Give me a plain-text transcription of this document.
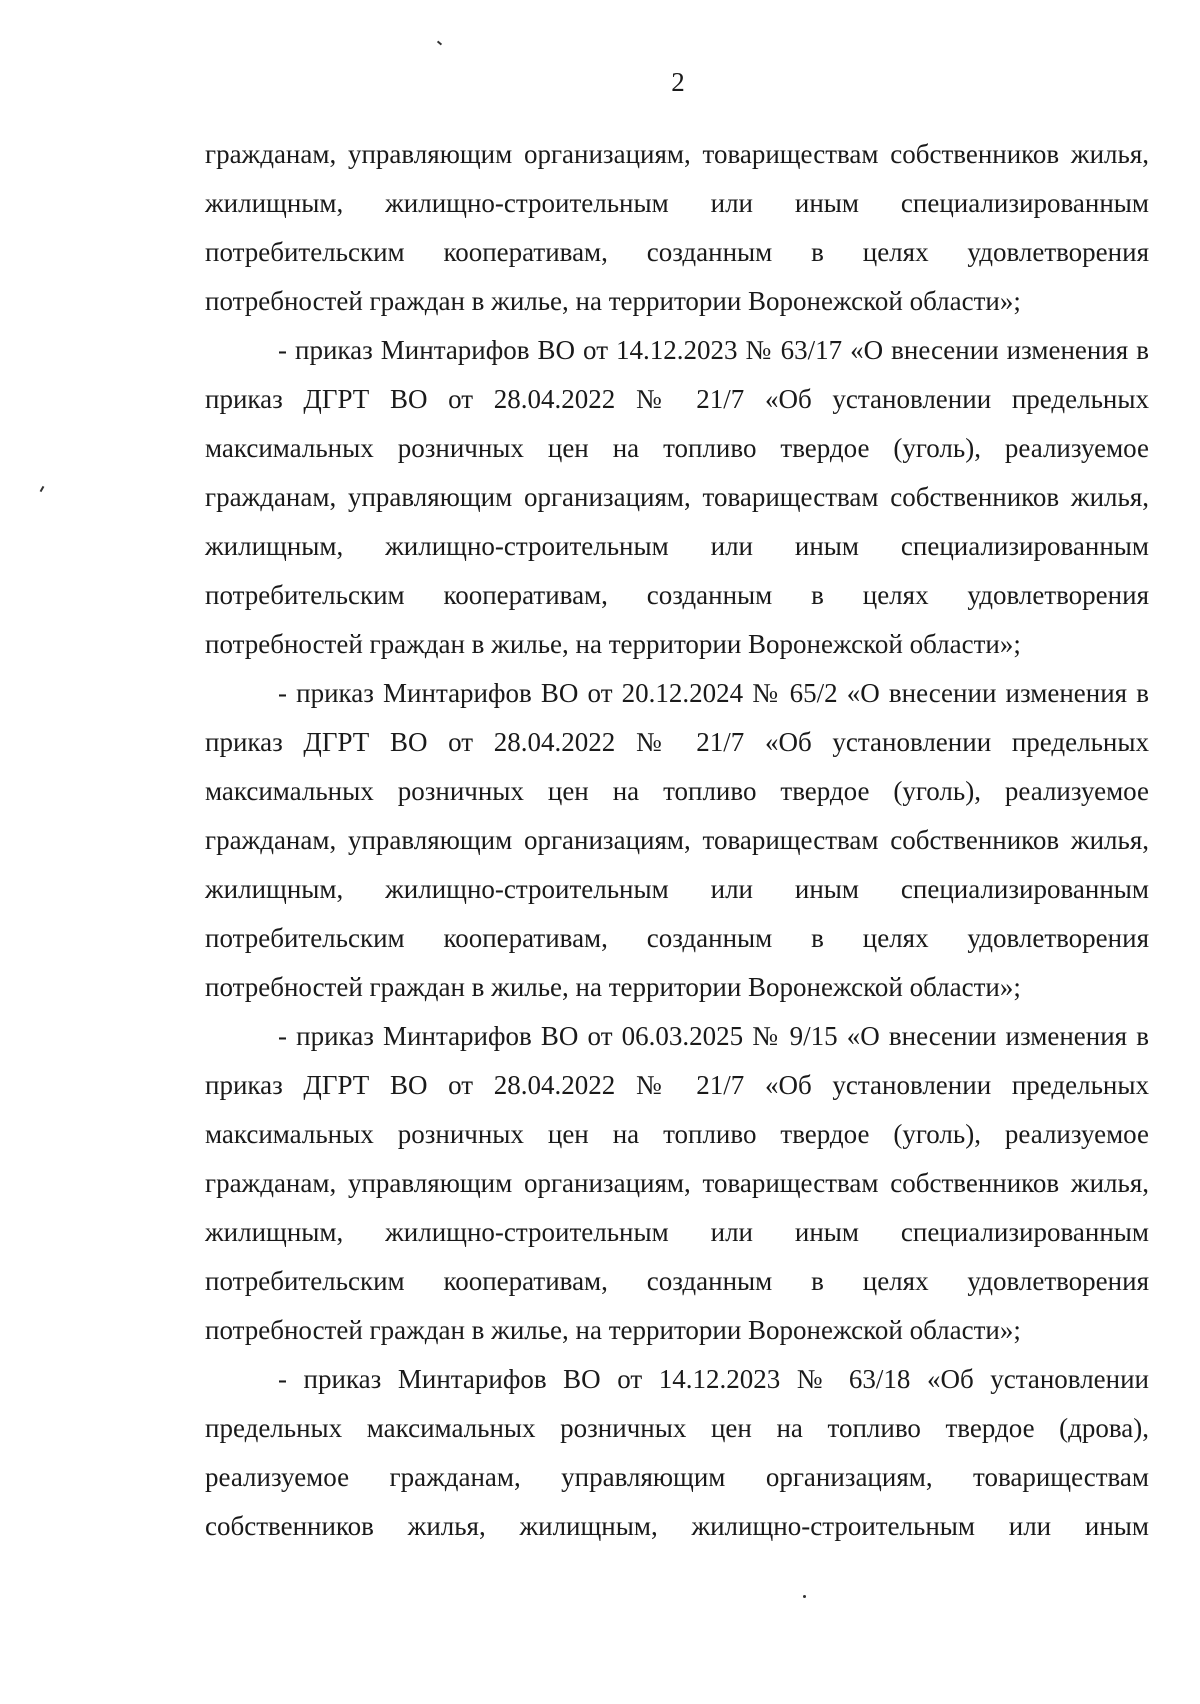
2

гражданам, управляющим организациям, товариществам собственников жилья, жилищным, жилищно-строительным или иным специализированным потребительским кооперативам, созданным в целях удовлетворения потребностей граждан в жилье, на территории Воронежской области»;

- приказ Минтарифов ВО от 14.12.2023 № 63/17 «О внесении изменения в приказ ДГРТ ВО от 28.04.2022 № 21/7 «Об установлении предельных максимальных розничных цен на топливо твердое (уголь), реализуемое гражданам, управляющим организациям, товариществам собственников жилья, жилищным, жилищно-строительным или иным специализированным потребительским кооперативам, созданным в целях удовлетворения потребностей граждан в жилье, на территории Воронежской области»;

- приказ Минтарифов ВО от 20.12.2024 № 65/2 «О внесении изменения в приказ ДГРТ ВО от 28.04.2022 № 21/7 «Об установлении предельных максимальных розничных цен на топливо твердое (уголь), реализуемое гражданам, управляющим организациям, товариществам собственников жилья, жилищным, жилищно-строительным или иным специализированным потребительским кооперативам, созданным в целях удовлетворения потребностей граждан в жилье, на территории Воронежской области»;

- приказ Минтарифов ВО от 06.03.2025 № 9/15 «О внесении изменения в приказ ДГРТ ВО от 28.04.2022 № 21/7 «Об установлении предельных максимальных розничных цен на топливо твердое (уголь), реализуемое гражданам, управляющим организациям, товариществам собственников жилья, жилищным, жилищно-строительным или иным специализированным потребительским кооперативам, созданным в целях удовлетворения потребностей граждан в жилье, на территории Воронежской области»;

- приказ Минтарифов ВО от 14.12.2023 № 63/18 «Об установлении предельных максимальных розничных цен на топливо твердое (дрова), реализуемое гражданам, управляющим организациям, товариществам собственников жилья, жилищным, жилищно-строительным или иным
